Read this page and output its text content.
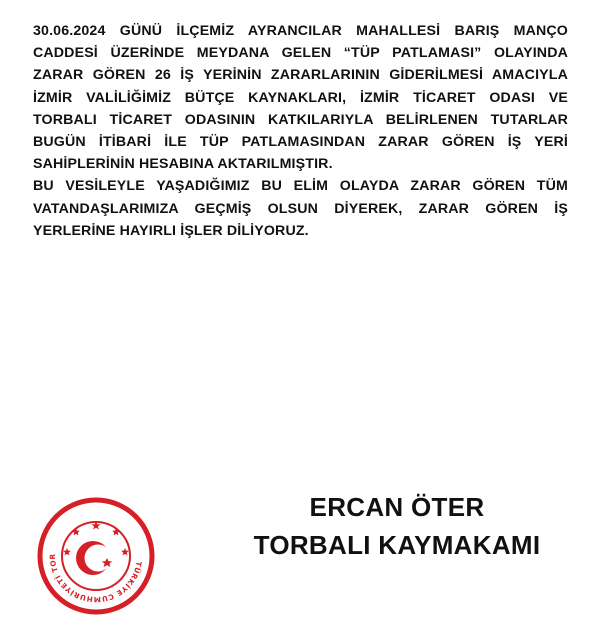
30.06.2024 GÜNÜ İLÇEMİZ AYRANCILAR MAHALLESİ BARIŞ MANÇO CADDESİ ÜZERİNDE MEYDANA GELEN “TÜP PATLAMASI” OLAYINDA ZARAR GÖREN 26 İŞ YERİNİN ZARARLARININ GİDERİLMESİ AMACIYLA İZMİR VALİLİĞİMİZ BÜTÇE KAYNAKLARI, İZMİR TİCARET ODASI VE TORBALI TİCARET ODASININ KATKILARIYLA BELİRLENEN TUTARLAR BUGÜN İTİBARİ İLE TÜP PATLAMASINDAN ZARAR GÖREN İŞ YERİ SAHİPLERİNİN HESABINA AKTARILMIŞTIR.

BU VESİLEYLE YAŞADIĞIMIZ BU ELİM OLAYDA ZARAR GÖREN TÜM VATANDAŞLARIMIZA GEÇMİŞ OLSUN DİYEREK, ZARAR GÖREN İŞ YERLERİNE HAYIRLI İŞLER DİLİYORUZ.

TÜRKİYE CUMHURİYETİ TOR
ERCAN ÖTER
TORBALI KAYMAKAMI
